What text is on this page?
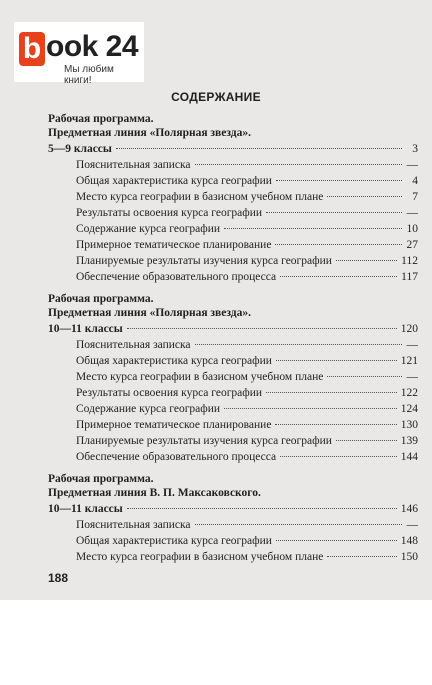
b ook 24
Мы любим книги!
СОДЕРЖАНИЕ
Рабочая программа.
Предметная линия «Полярная звезда».
5—9 классы	3
Пояснительная записка	—
Общая характеристика курса географии	4
Место курса географии в базисном учебном плане	7
Результаты освоения курса географии	—
Содержание курса географии	10
Примерное тематическое планирование	27
Планируемые результаты изучения курса географии	112
Обеспечение образовательного процесса	117
Рабочая программа.
Предметная линия «Полярная звезда».
10—11 классы	120
Пояснительная записка	—
Общая характеристика курса географии	121
Место курса географии в базисном учебном плане	—
Результаты освоения курса географии	122
Содержание курса географии	124
Примерное тематическое планирование	130
Планируемые результаты изучения курса географии	139
Обеспечение образовательного процесса	144
Рабочая программа.
Предметная линия В. П. Максаковского.
10—11 классы	146
Пояснительная записка	—
Общая характеристика курса географии	148
Место курса географии в базисном учебном плане	150
188
